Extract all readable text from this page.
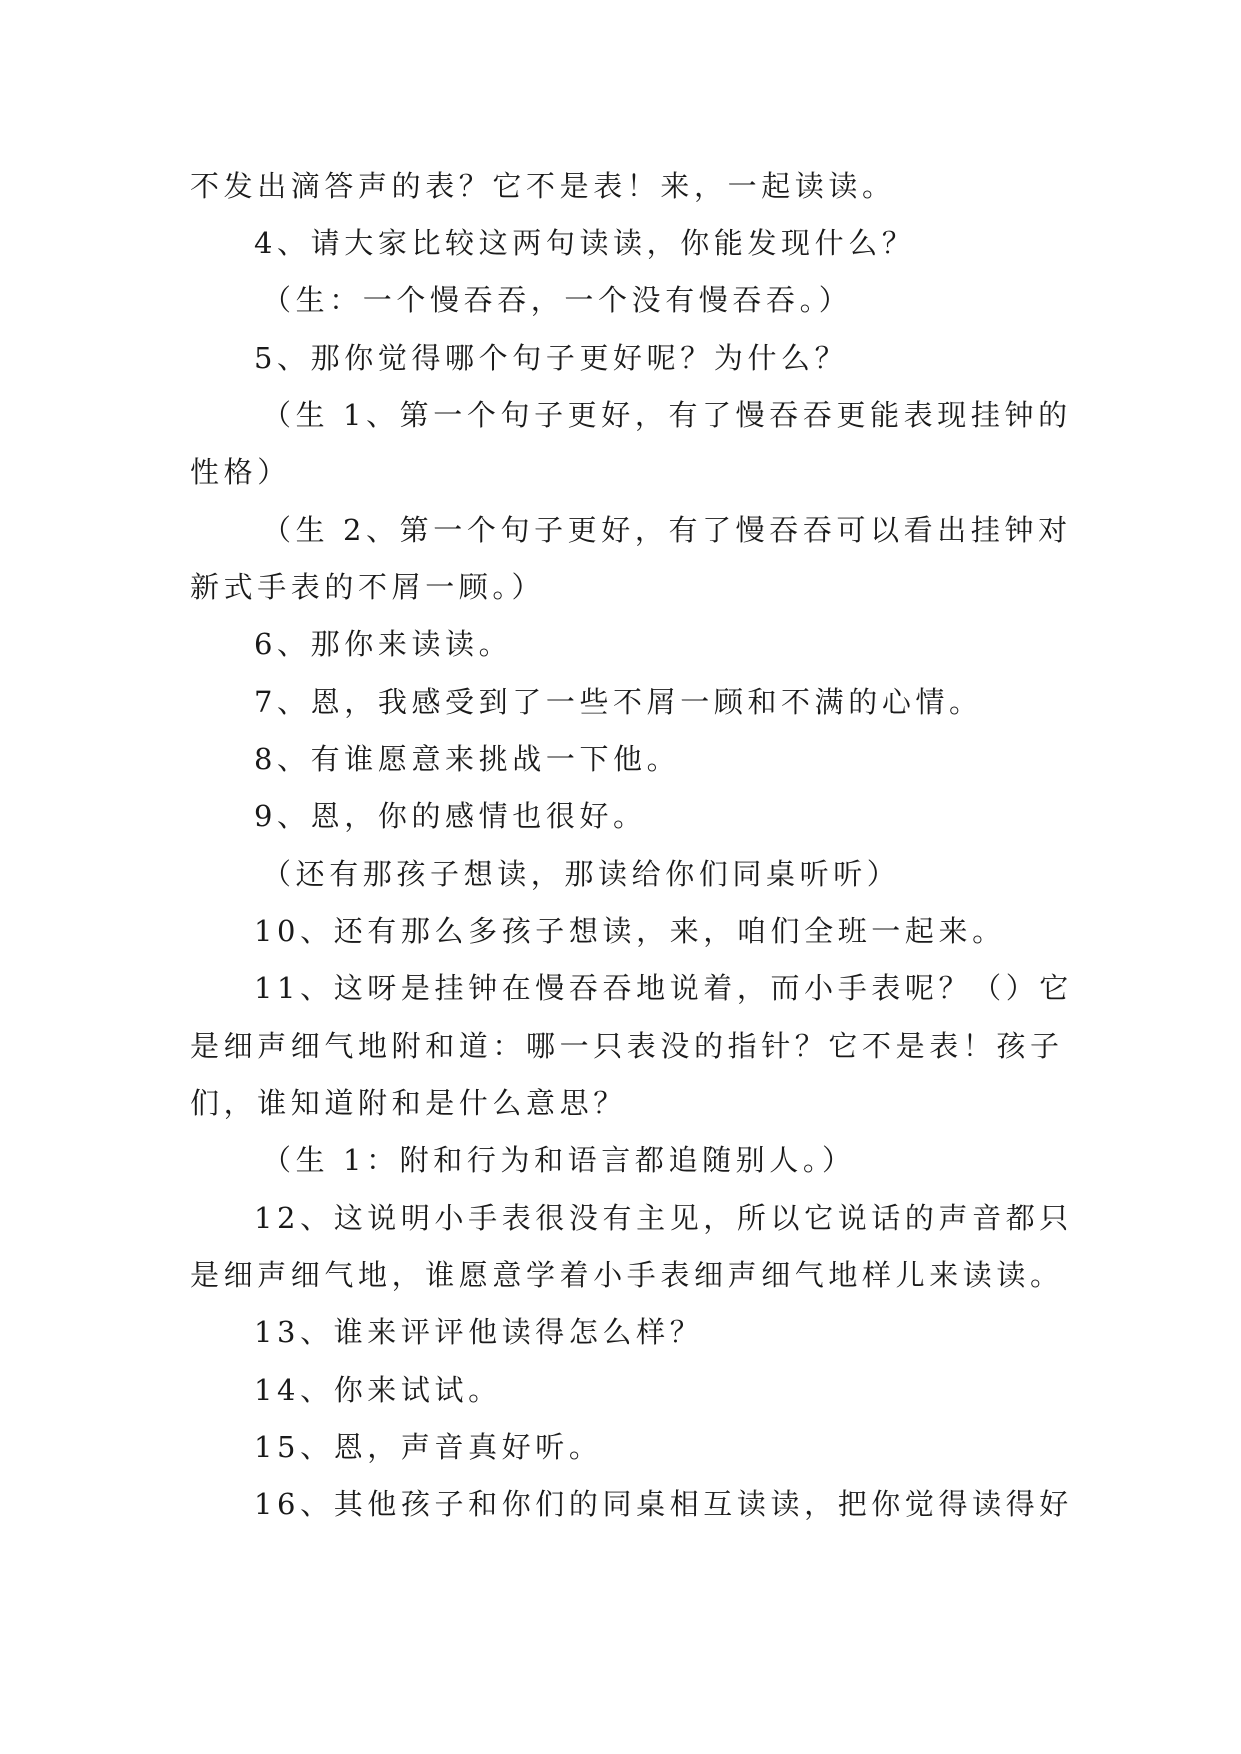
不发出滴答声的表？它不是表！来，一起读读。
4、请大家比较这两句读读，你能发现什么？
（生：一个慢吞吞，一个没有慢吞吞。）
5、那你觉得哪个句子更好呢？为什么？
（生 1、第一个句子更好，有了慢吞吞更能表现挂钟的
性格）
（生 2、第一个句子更好，有了慢吞吞可以看出挂钟对
新式手表的不屑一顾。）
6、那你来读读。
7、恩，我感受到了一些不屑一顾和不满的心情。
8、有谁愿意来挑战一下他。
9、恩，你的感情也很好。
（还有那孩子想读，那读给你们同桌听听）
10、还有那么多孩子想读，来，咱们全班一起来。
11、这呀是挂钟在慢吞吞地说着，而小手表呢？（）它
是细声细气地附和道：哪一只表没的指针？它不是表！孩子
们，谁知道附和是什么意思？
（生 1：附和行为和语言都追随别人。）
12、这说明小手表很没有主见，所以它说话的声音都只
是细声细气地，谁愿意学着小手表细声细气地样儿来读读。
13、谁来评评他读得怎么样？
14、你来试试。
15、恩，声音真好听。
16、其他孩子和你们的同桌相互读读，把你觉得读得好
